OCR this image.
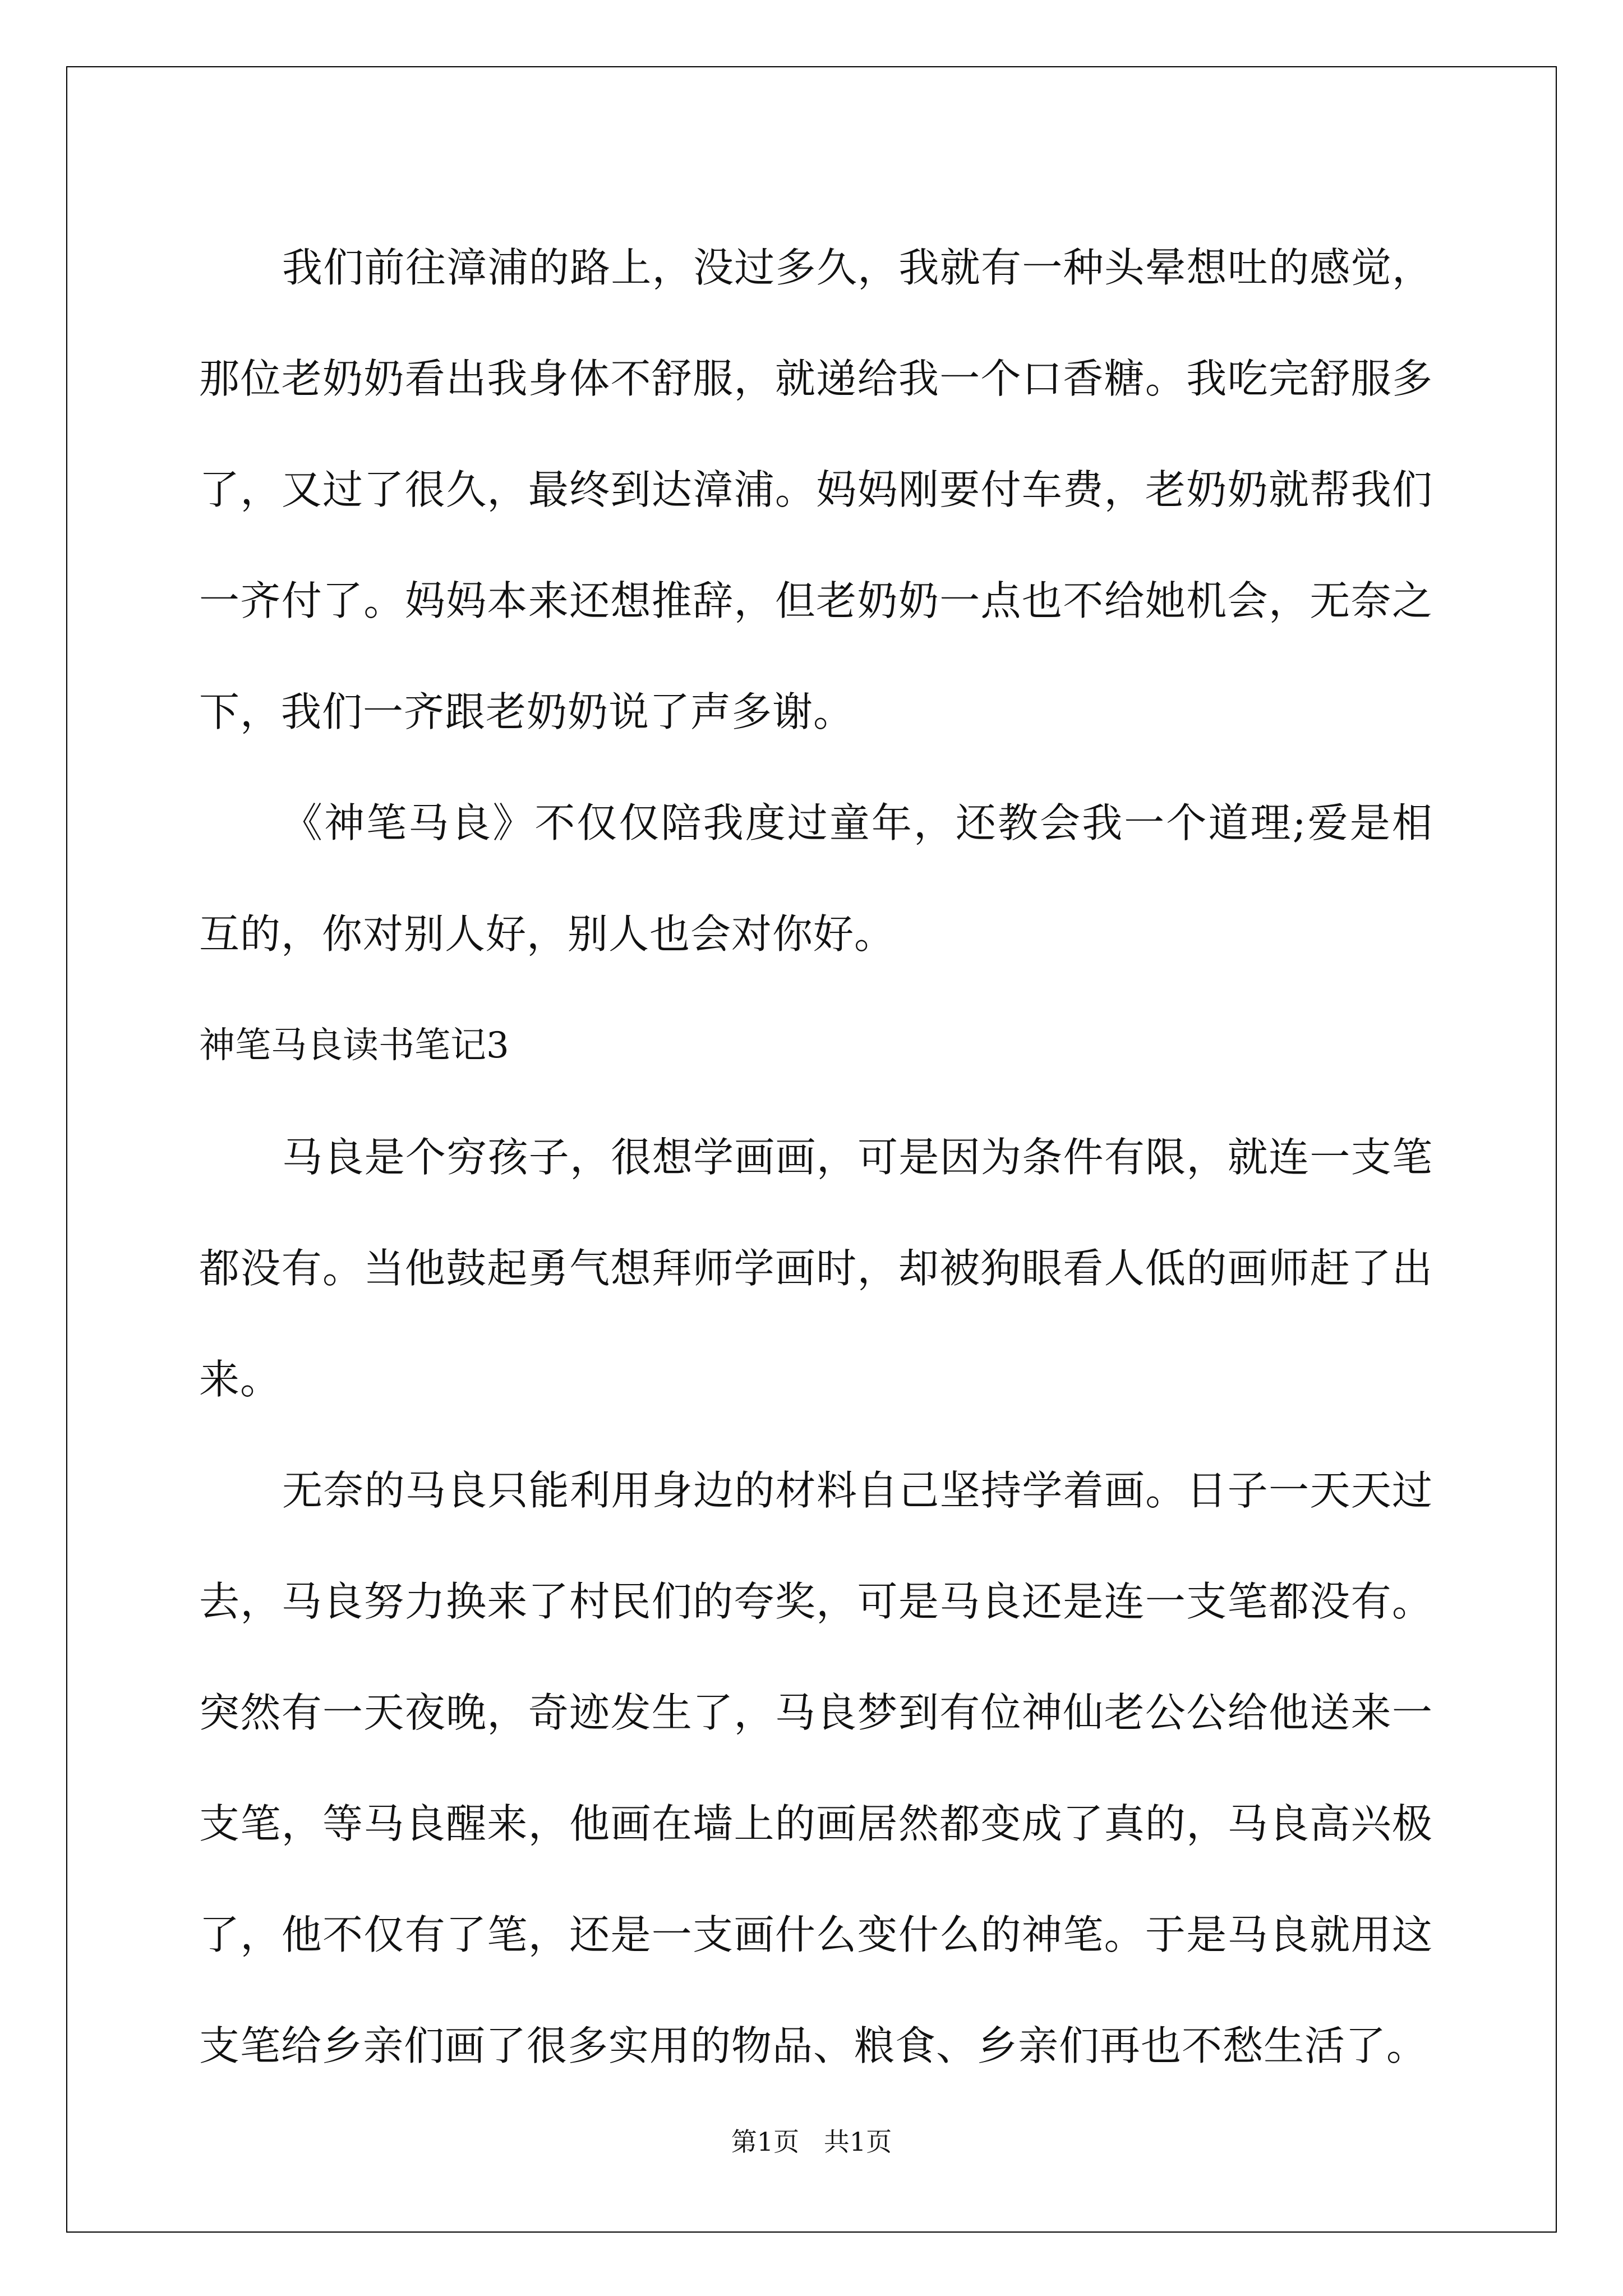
我们前往漳浦的路上，没过多久，我就有一种头晕想吐的感觉，那位老奶奶看出我身体不舒服，就递给我一个口香糖。我吃完舒服多了，又过了很久，最终到达漳浦。妈妈刚要付车费，老奶奶就帮我们一齐付了。妈妈本来还想推辞，但老奶奶一点也不给她机会，无奈之下，我们一齐跟老奶奶说了声多谢。

《神笔马良》不仅仅陪我度过童年，还教会我一个道理;爱是相互的，你对别人好，别人也会对你好。

神笔马良读书笔记3

马良是个穷孩子，很想学画画，可是因为条件有限，就连一支笔都没有。当他鼓起勇气想拜师学画时，却被狗眼看人低的画师赶了出来。

无奈的马良只能利用身边的材料自己坚持学着画。日子一天天过去，马良努力换来了村民们的夸奖，可是马良还是连一支笔都没有。突然有一天夜晚，奇迹发生了，马良梦到有位神仙老公公给他送来一支笔，等马良醒来，他画在墙上的画居然都变成了真的，马良高兴极了，他不仅有了笔，还是一支画什么变什么的神笔。于是马良就用这支笔给乡亲们画了很多实用的物品、粮食、乡亲们再也不愁生活了。

第1页   共1页
